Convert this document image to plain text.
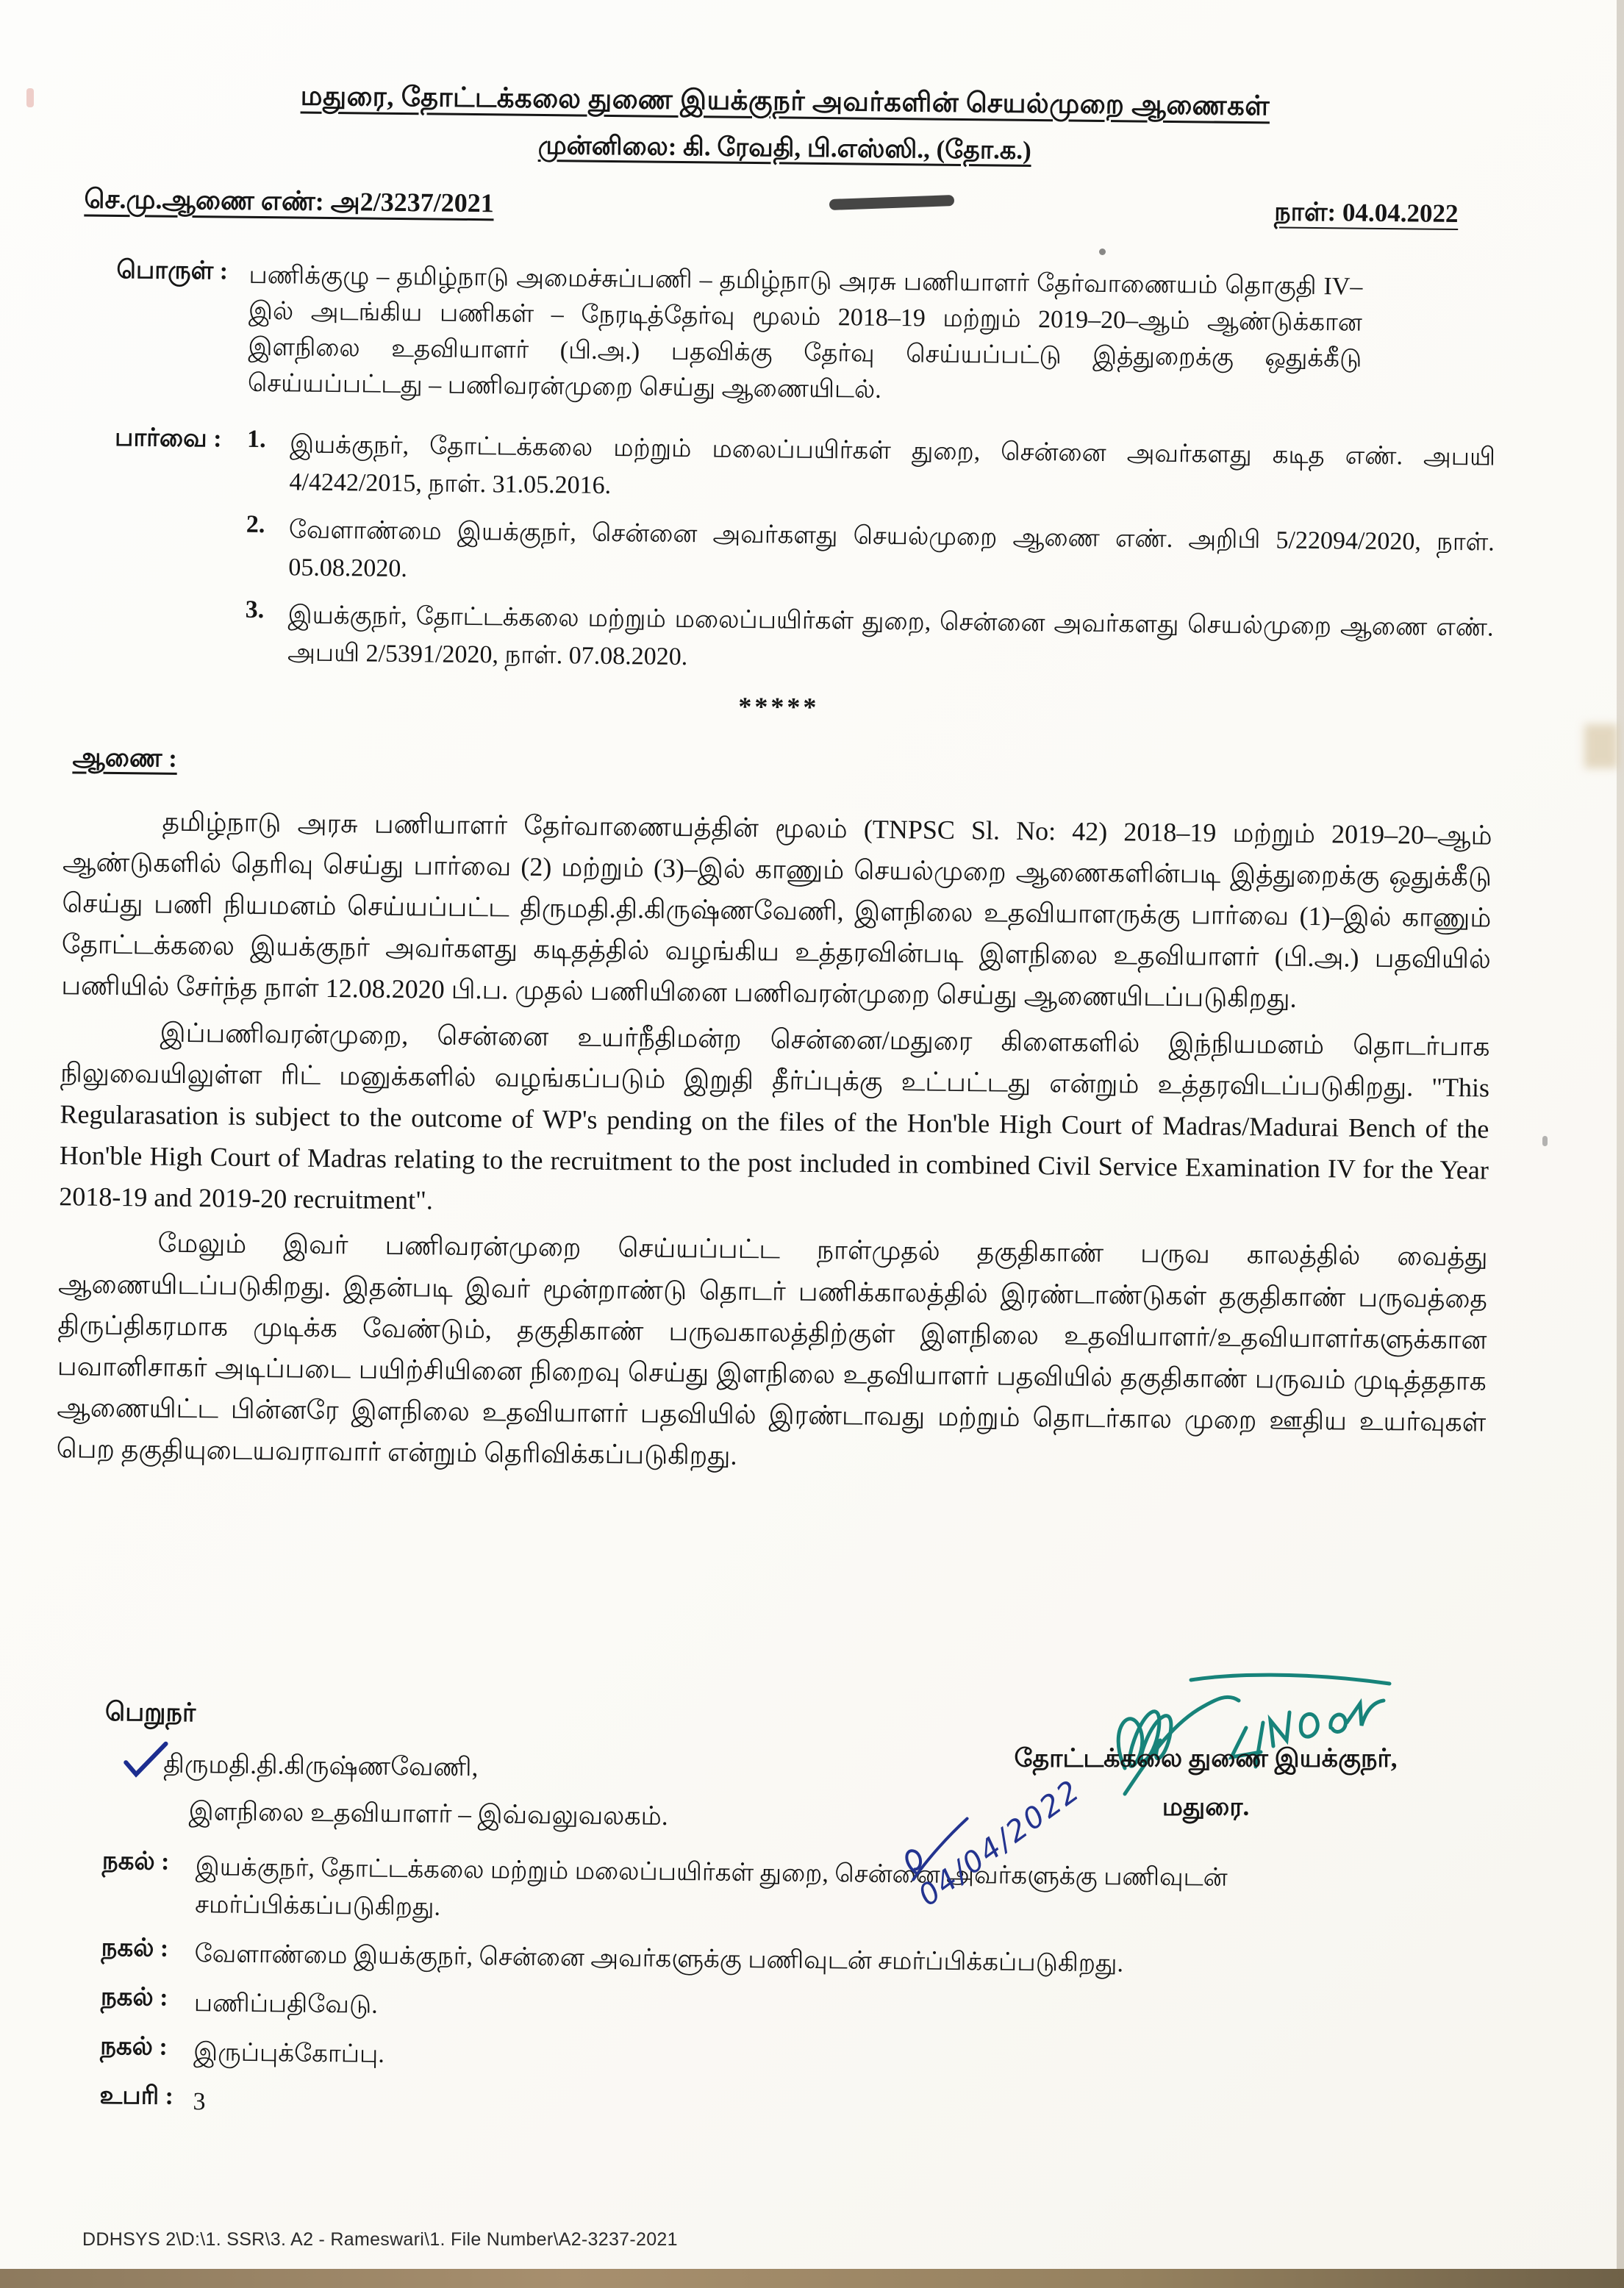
மதுரை, தோட்டக்கலை துணை இயக்குநர் அவர்களின் செயல்முறை ஆணைகள்
முன்னிலை: கி. ரேவதி, பி.எஸ்ஸி., (தோ.க.)
செ.மு.ஆணை எண்: அ2/3237/2021	நாள்: 04.04.2022
பொருள் : பணிக்குழு – தமிழ்நாடு அமைச்சுப்பணி – தமிழ்நாடு அரசு பணியாளர் தேர்வாணையம் தொகுதி IV–இல் அடங்கிய பணிகள் – நேரடித்தேர்வு மூலம் 2018–19 மற்றும் 2019–20–ஆம் ஆண்டுக்கான இளநிலை உதவியாளர் (பி.அ.) பதவிக்கு தேர்வு செய்யப்பட்டு இத்துறைக்கு ஒதுக்கீடு செய்யப்பட்டது – பணிவரன்முறை செய்து ஆணையிடல்.
பார்வை :	1. இயக்குநர், தோட்டக்கலை மற்றும் மலைப்பயிர்கள் துறை, சென்னை அவர்களது கடித எண். அபயி 4/4242/2015, நாள். 31.05.2016.
2. வேளாண்மை இயக்குநர், சென்னை அவர்களது செயல்முறை ஆணை எண். அறிபி 5/22094/2020, நாள். 05.08.2020.
3. இயக்குநர், தோட்டக்கலை மற்றும் மலைப்பயிர்கள் துறை, சென்னை அவர்களது செயல்முறை ஆணை எண். அபயி 2/5391/2020, நாள். 07.08.2020.
*****
ஆணை :

தமிழ்நாடு அரசு பணியாளர் தேர்வாணையத்தின் மூலம் (TNPSC Sl. No: 42) 2018–19 மற்றும் 2019–20–ஆம் ஆண்டுகளில் தெரிவு செய்து பார்வை (2) மற்றும் (3)–இல் காணும் செயல்முறை ஆணைகளின்படி இத்துறைக்கு ஒதுக்கீடு செய்து பணி நியமனம் செய்யப்பட்ட திருமதி.தி.கிருஷ்ணவேணி, இளநிலை உதவியாளருக்கு பார்வை (1)–இல் காணும் தோட்டக்கலை இயக்குநர் அவர்களது கடிதத்தில் வழங்கிய உத்தரவின்படி இளநிலை உதவியாளர் (பி.அ.) பதவியில் பணியில் சேர்ந்த நாள் 12.08.2020 பி.ப. முதல் பணியினை பணிவரன்முறை செய்து ஆணையிடப்படுகிறது.

இப்பணிவரன்முறை, சென்னை உயர்நீதிமன்ற சென்னை/மதுரை கிளைகளில் இந்நியமனம் தொடர்பாக நிலுவையிலுள்ள ரிட் மனுக்களில் வழங்கப்படும் இறுதி தீர்ப்புக்கு உட்பட்டது என்றும் உத்தரவிடப்படுகிறது. "This Regularasation is subject to the outcome of WP's pending on the files of the Hon'ble High Court of Madras/Madurai Bench of the Hon'ble High Court of Madras relating to the recruitment to the post included in combined Civil Service Examination IV for the Year 2018-19 and 2019-20 recruitment".

மேலும் இவர் பணிவரன்முறை செய்யப்பட்ட நாள்முதல் தகுதிகாண் பருவ காலத்தில் வைத்து ஆணையிடப்படுகிறது. இதன்படி இவர் மூன்றாண்டு தொடர் பணிக்காலத்தில் இரண்டாண்டுகள் தகுதிகாண் பருவத்தை திருப்திகரமாக முடிக்க வேண்டும், தகுதிகாண் பருவகாலத்திற்குள் இளநிலை உதவியாளர்/உதவியாளர்களுக்கான பவானிசாகர் அடிப்படை பயிற்சியினை நிறைவு செய்து இளநிலை உதவியாளர் பதவியில் தகுதிகாண் பருவம் முடித்ததாக ஆணையிட்ட பின்னரே இளநிலை உதவியாளர் பதவியில் இரண்டாவது மற்றும் தொடர்கால முறை ஊதிய உயர்வுகள் பெற தகுதியுடையவராவார் என்றும் தெரிவிக்கப்படுகிறது.

பெறுநர்
திருமதி.தி.கிருஷ்ணவேணி,
இளநிலை உதவியாளர் – இவ்வலுவலகம்.
நகல் :	இயக்குநர், தோட்டக்கலை மற்றும் மலைப்பயிர்கள் துறை, சென்னை அவர்களுக்கு பணிவுடன் சமர்ப்பிக்கப்படுகிறது.
நகல் :	வேளாண்மை இயக்குநர், சென்னை அவர்களுக்கு பணிவுடன் சமர்ப்பிக்கப்படுகிறது.
நகல் :	பணிப்பதிவேடு.
நகல் :	இருப்புக்கோப்பு.
உபரி : 3
தோட்டக்கலை துணை இயக்குநர்,
மதுரை.
04/04/2022
DDHSYS 2\D:\1. SSR\3. A2 - Rameswari\1. File Number\A2-3237-2021
